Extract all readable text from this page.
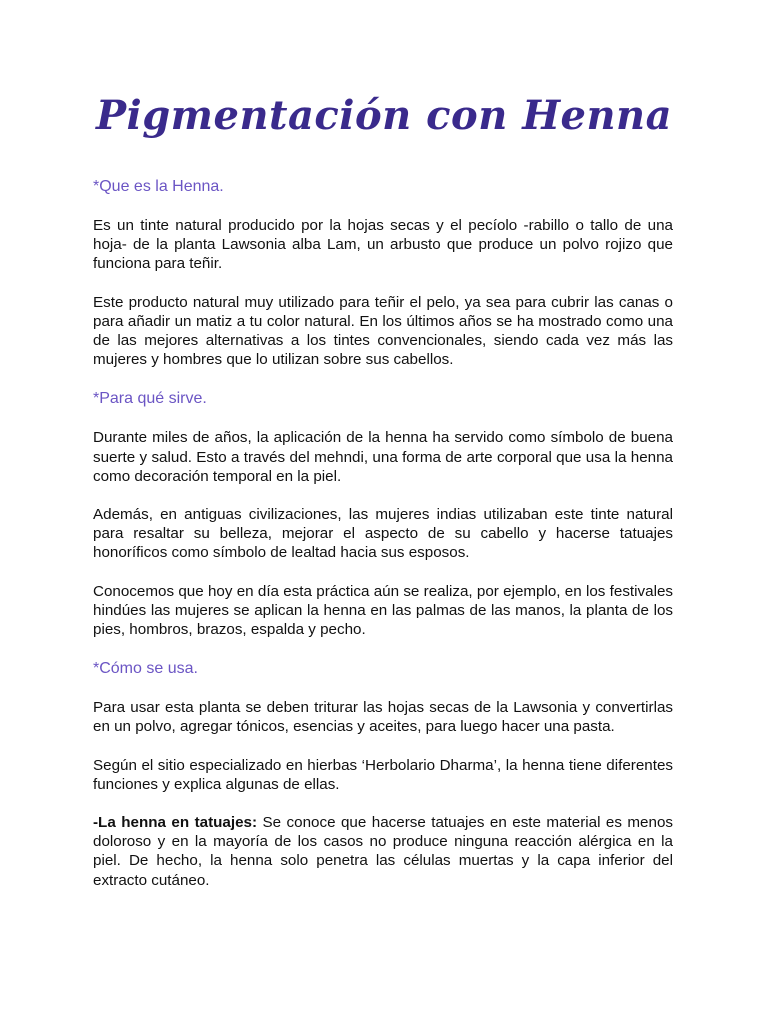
Pigmentación con Henna
*Que es la Henna.

Es un tinte natural producido por la hojas secas y el pecíolo -rabillo o tallo de una hoja- de la planta Lawsonia alba Lam, un arbusto que produce un polvo rojizo que funciona para teñir.

Este producto natural muy utilizado para teñir el pelo, ya sea para cubrir las canas o para añadir un matiz a tu color natural. En los últimos años se ha mostrado como una de las mejores alternativas a los tintes convencionales, siendo cada vez más las mujeres y hombres que lo utilizan sobre sus cabellos.

*Para qué sirve.

Durante miles de años, la aplicación de la henna ha servido como símbolo de buena suerte y salud. Esto a través del mehndi, una forma de arte corporal que usa la henna como decoración temporal en la piel.

Además, en antiguas civilizaciones, las mujeres indias utilizaban este tinte natural para resaltar su belleza, mejorar el aspecto de su cabello y hacerse tatuajes honoríficos como símbolo de lealtad hacia sus esposos.

Conocemos que hoy en día esta práctica aún se realiza, por ejemplo, en los festivales hindúes las mujeres se aplican la henna en las palmas de las manos, la planta de los pies, hombros, brazos, espalda y pecho.

*Cómo se usa.

Para usar esta planta se deben triturar las hojas secas de la Lawsonia y convertirlas en un polvo, agregar tónicos, esencias y aceites, para luego hacer una pasta.

Según el sitio especializado en hierbas ‘Herbolario Dharma’, la henna tiene diferentes funciones y explica algunas de ellas.

-La henna en tatuajes: Se conoce que hacerse tatuajes en este material es menos doloroso y en la mayoría de los casos no produce ninguna reacción alérgica en la piel. De hecho, la henna solo penetra las células muertas y la capa inferior del extracto cutáneo.
